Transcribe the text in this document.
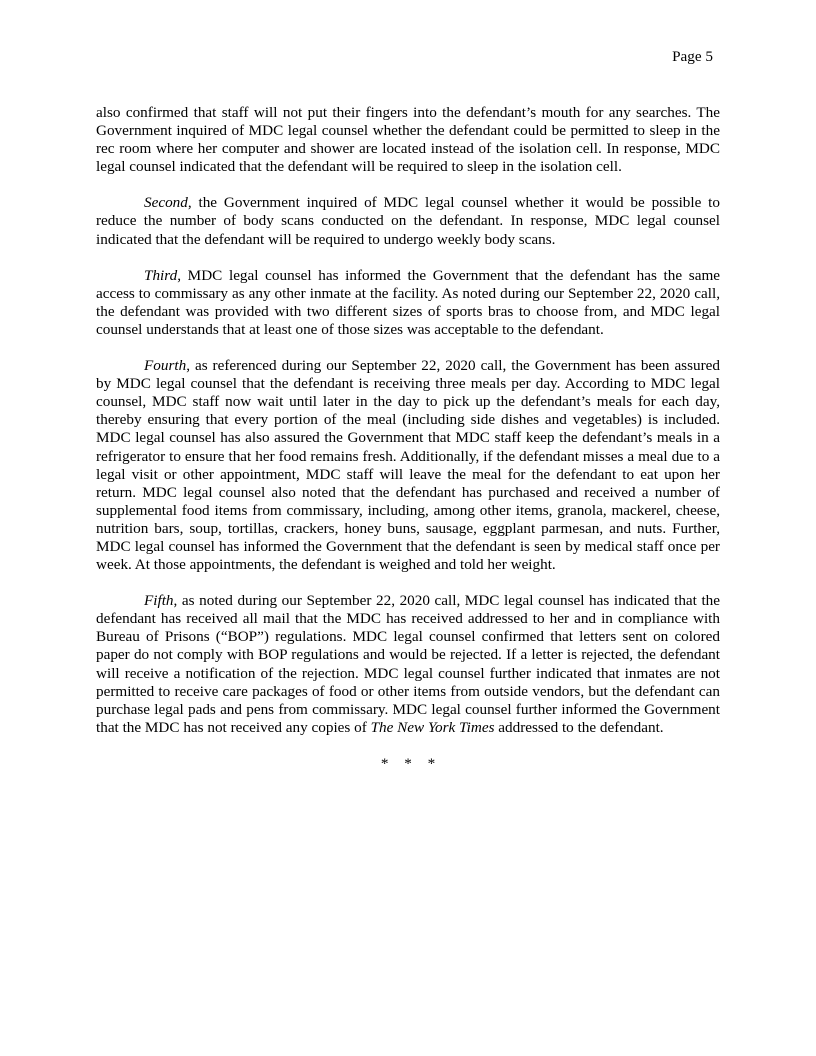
Page 5

also confirmed that staff will not put their fingers into the defendant’s mouth for any searches. The Government inquired of MDC legal counsel whether the defendant could be permitted to sleep in the rec room where her computer and shower are located instead of the isolation cell. In response, MDC legal counsel indicated that the defendant will be required to sleep in the isolation cell.

Second, the Government inquired of MDC legal counsel whether it would be possible to reduce the number of body scans conducted on the defendant. In response, MDC legal counsel indicated that the defendant will be required to undergo weekly body scans.

Third, MDC legal counsel has informed the Government that the defendant has the same access to commissary as any other inmate at the facility. As noted during our September 22, 2020 call, the defendant was provided with two different sizes of sports bras to choose from, and MDC legal counsel understands that at least one of those sizes was acceptable to the defendant.

Fourth, as referenced during our September 22, 2020 call, the Government has been assured by MDC legal counsel that the defendant is receiving three meals per day. According to MDC legal counsel, MDC staff now wait until later in the day to pick up the defendant’s meals for each day, thereby ensuring that every portion of the meal (including side dishes and vegetables) is included. MDC legal counsel has also assured the Government that MDC staff keep the defendant’s meals in a refrigerator to ensure that her food remains fresh. Additionally, if the defendant misses a meal due to a legal visit or other appointment, MDC staff will leave the meal for the defendant to eat upon her return. MDC legal counsel also noted that the defendant has purchased and received a number of supplemental food items from commissary, including, among other items, granola, mackerel, cheese, nutrition bars, soup, tortillas, crackers, honey buns, sausage, eggplant parmesan, and nuts. Further, MDC legal counsel has informed the Government that the defendant is seen by medical staff once per week. At those appointments, the defendant is weighed and told her weight.

Fifth, as noted during our September 22, 2020 call, MDC legal counsel has indicated that the defendant has received all mail that the MDC has received addressed to her and in compliance with Bureau of Prisons (“BOP”) regulations. MDC legal counsel confirmed that letters sent on colored paper do not comply with BOP regulations and would be rejected. If a letter is rejected, the defendant will receive a notification of the rejection. MDC legal counsel further indicated that inmates are not permitted to receive care packages of food or other items from outside vendors, but the defendant can purchase legal pads and pens from commissary. MDC legal counsel further informed the Government that the MDC has not received any copies of The New York Times addressed to the defendant.

* * *
